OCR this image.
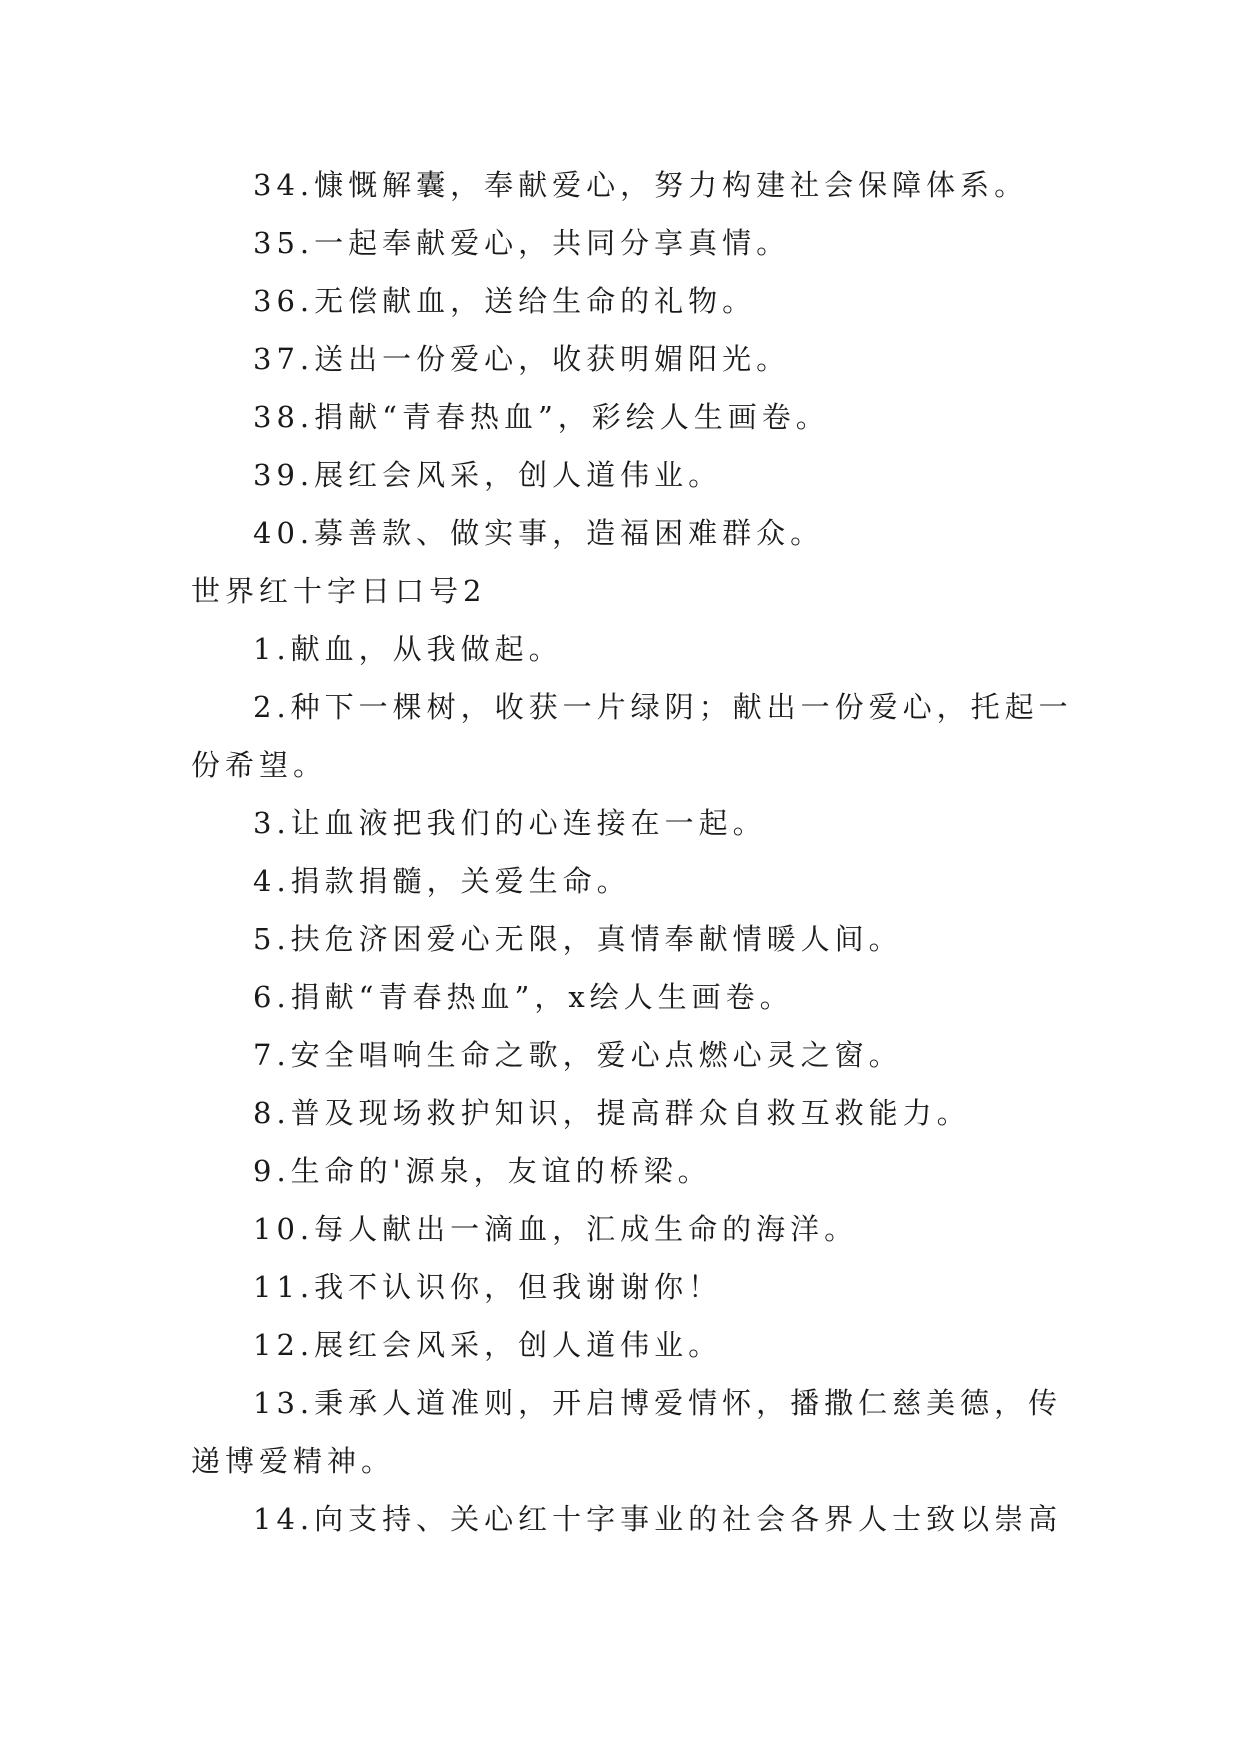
34.慷慨解囊，奉献爱心，努力构建社会保障体系。
35.一起奉献爱心，共同分享真情。
36.无偿献血，送给生命的礼物。
37.送出一份爱心，收获明媚阳光。
38.捐献“青春热血”，彩绘人生画卷。
39.展红会风采，创人道伟业。
40.募善款、做实事，造福困难群众。
世界红十字日口号2
1.献血，从我做起。
2.种下一棵树，收获一片绿阴；献出一份爱心，托起一
份希望。
3.让血液把我们的心连接在一起。
4.捐款捐髓，关爱生命。
5.扶危济困爱心无限，真情奉献情暖人间。
6.捐献“青春热血”，x绘人生画卷。
7.安全唱响生命之歌，爱心点燃心灵之窗。
8.普及现场救护知识，提高群众自救互救能力。
9.生命的'源泉，友谊的桥梁。
10.每人献出一滴血，汇成生命的海洋。
11.我不认识你，但我谢谢你！
12.展红会风采，创人道伟业。
13.秉承人道准则，开启博爱情怀，播撒仁慈美德，传
递博爱精神。
14.向支持、关心红十字事业的社会各界人士致以崇高
